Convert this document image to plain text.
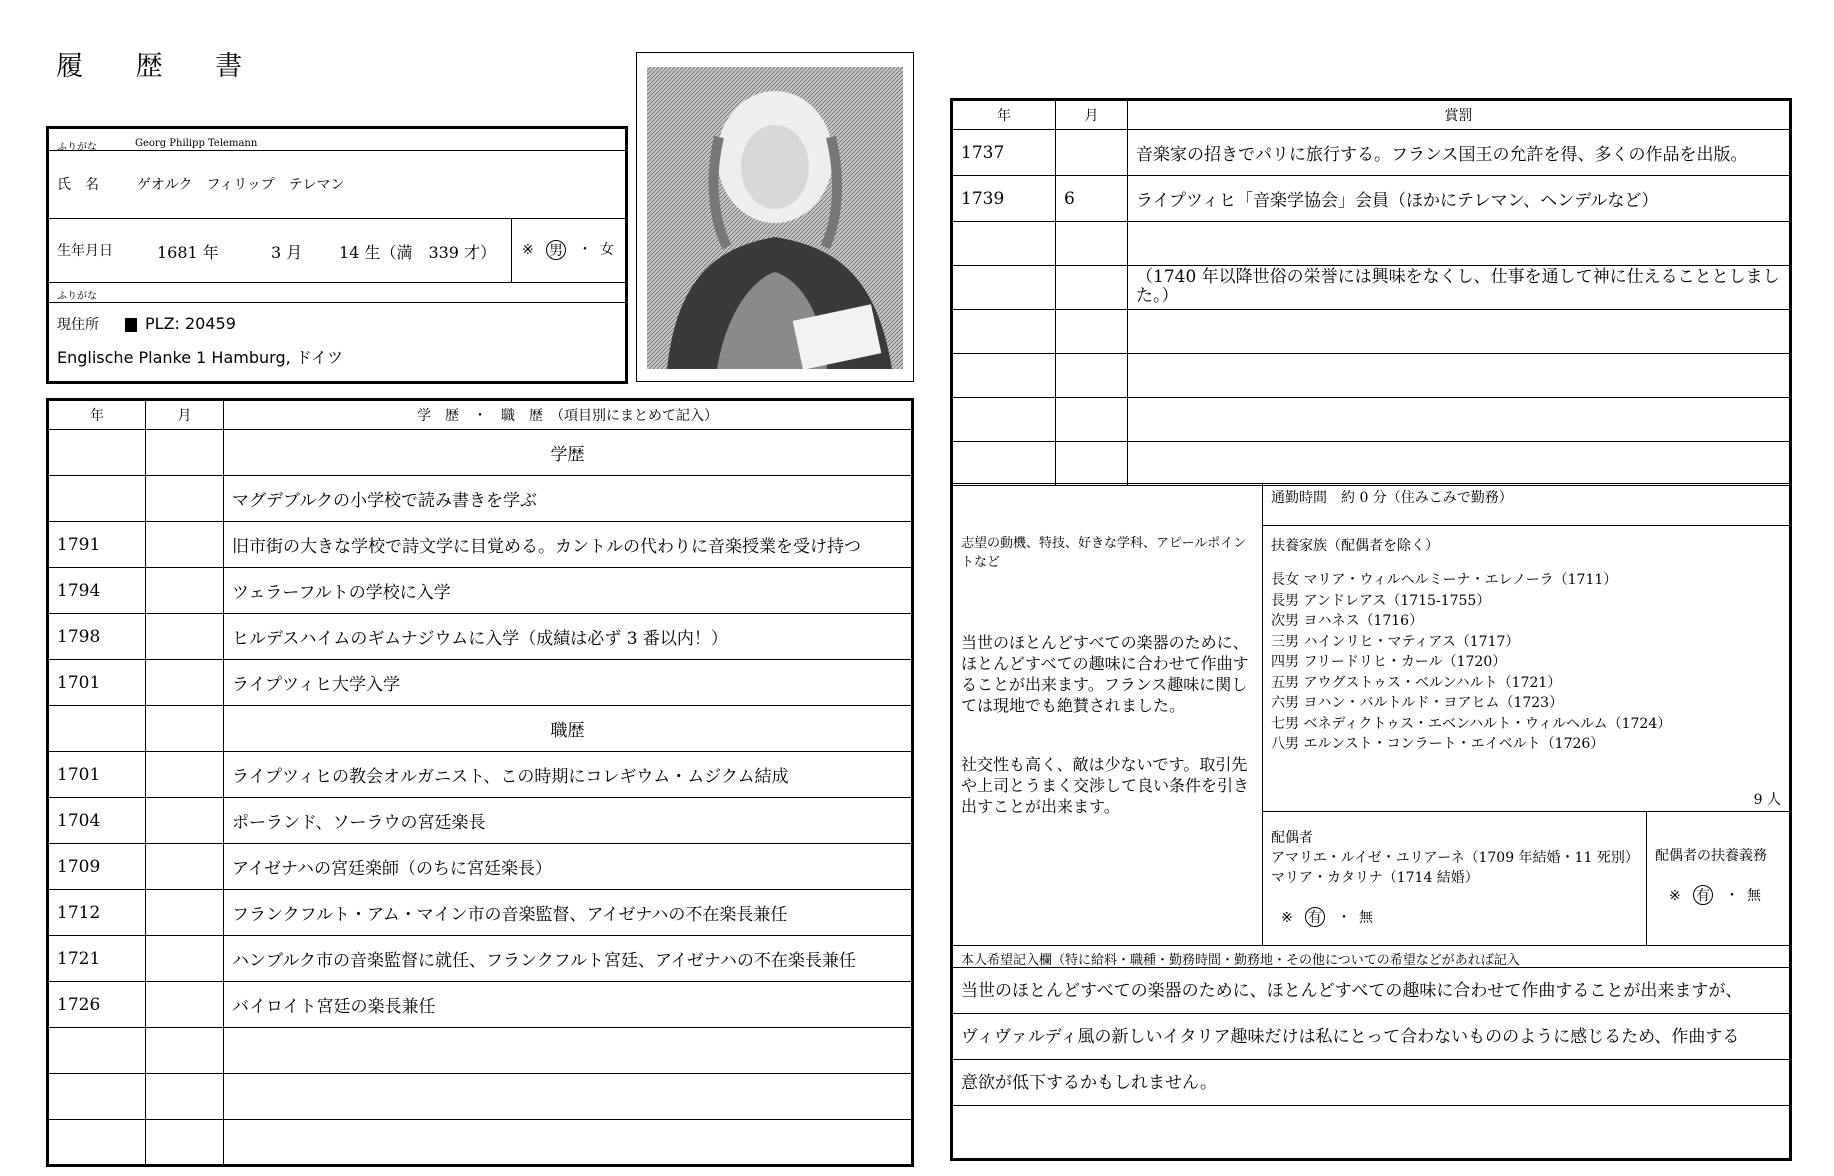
履 歴 書
ふりがな	Georg Philipp Telemann
氏　名	ゲオルク　フィリップ　テレマン
生年月日	1681 年	3 月 14 生（満　339 才） ※ 男 ・ 女
ふりがな
現住所	PLZ: 20459
Englische Planke 1 Hamburg, ドイツ
年	月	学　歴　・　職　歴　（項目別にまとめて記入）
		学歴
		マグデブルクの小学校で読み書きを学ぶ
1791		旧市街の大きな学校で詩文学に目覚める。カントルの代わりに音楽授業を受け持つ
1794		ツェラーフルトの学校に入学
1798		ヒルデスハイムのギムナジウムに入学（成績は必ず 3 番以内！）
1701		ライプツィヒ大学入学
		職歴
1701		ライプツィヒの教会オルガニスト、この時期にコレギウム・ムジクム結成
1704		ポーランド、ソーラウの宮廷楽長
1709		アイゼナハの宮廷楽師（のちに宮廷楽長）
1712		フランクフルト・アム・マイン市の音楽監督、アイゼナハの不在楽長兼任
1721		ハンブルク市の音楽監督に就任、フランクフルト宮廷、アイゼナハの不在楽長兼任
1726		バイロイト宮廷の楽長兼任

年	月	賞罰
1737		音楽家の招きでパリに旅行する。フランス国王の允許を得、多くの作品を出版。
1739	6	ライプツィヒ「音楽学協会」会員（ほかにテレマン、ヘンデルなど）

		（1740 年以降世俗の栄誉には興味をなくし、仕事を通して神に仕えることとしました。）

志望の動機、特技、好きな学科、アピールポイントなど
当世のほとんどすべての楽器のために、ほとんどすべての趣味に合わせて作曲することが出来ます。フランス趣味に関しては現地でも絶賛されました。
社交性も高く、敵は少ないです。取引先や上司とうまく交渉して良い条件を引き出すことが出来ます。
通勤時間　約 0 分（住みこみで勤務）
扶養家族（配偶者を除く）
長女 マリア・ウィルヘルミーナ・エレノーラ（1711）
長男 アンドレアス（1715-1755）
次男 ヨハネス（1716）
三男 ハインリヒ・マティアス（1717）
四男 フリードリヒ・カール（1720）
五男 アウグストゥス・ベルンハルト（1721）
六男 ヨハン・バルトルド・ヨアヒム（1723）
七男 ベネディクトゥス・エベンハルト・ウィルヘルム（1724）
八男 エルンスト・コンラート・エイベルト（1726）
9 人
配偶者
アマリエ・ルイゼ・ユリアーネ（1709 年結婚・11 死別）
マリア・カタリナ（1714 結婚）
※ 有 ・ 無
配偶者の扶養義務
※ 有 ・ 無
本人希望記入欄（特に給料・職種・勤務時間・勤務地・その他についての希望などがあれば記入
当世のほとんどすべての楽器のために、ほとんどすべての趣味に合わせて作曲することが出来ますが、
ヴィヴァルディ風の新しいイタリア趣味だけは私にとって合わないもののように感じるため、作曲する
意欲が低下するかもしれません。
